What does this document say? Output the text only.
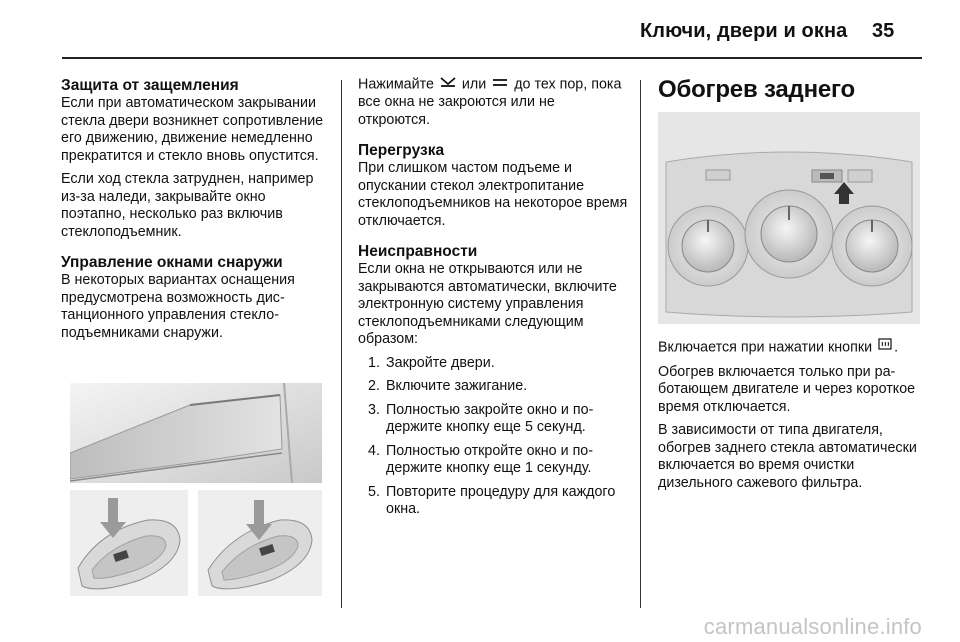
Ключи, двери и окна 35
Защита от защемления

Если при автоматическом закрывании стекла двери возникнет сопротивление его движению, движение немедленно прекратится и стекло вновь опустится.

Если ход стекла затруднен, например из-за наледи, закрывайте окно поэтапно, несколько раз включив стеклоподъемник.

Управление окнами снаружи

В некоторых вариантах оснащения предусмотрена возможность дистанционного управления стеклоподъемниками снаружи.

Нажимайте или до тех пор, пока все окна не закроются или не откроются.

Перегрузка

При слишком частом подъеме и опускании стекол электропитание стеклоподъемников на некоторое время отключается.

Неисправности

Если окна не открываются или не закрываются автоматически, включите электронную систему управления стеклоподъемниками следующим образом:

1. Закройте двери.
2. Включите зажигание.
3. Полностью закройте окно и подержите кнопку еще 5 секунд.
4. Полностью откройте окно и подержите кнопку еще 1 секунду.
5. Повторите процедуру для каждого окна.
Обогрев заднего

Включается при нажатии кнопки .

Обогрев включается только при работающем двигателе и через короткое время отключается.

В зависимости от типа двигателя, обогрев заднего стекла автоматически включается во время очистки дизельного сажевого фильтра.

carmanualsonline.info
